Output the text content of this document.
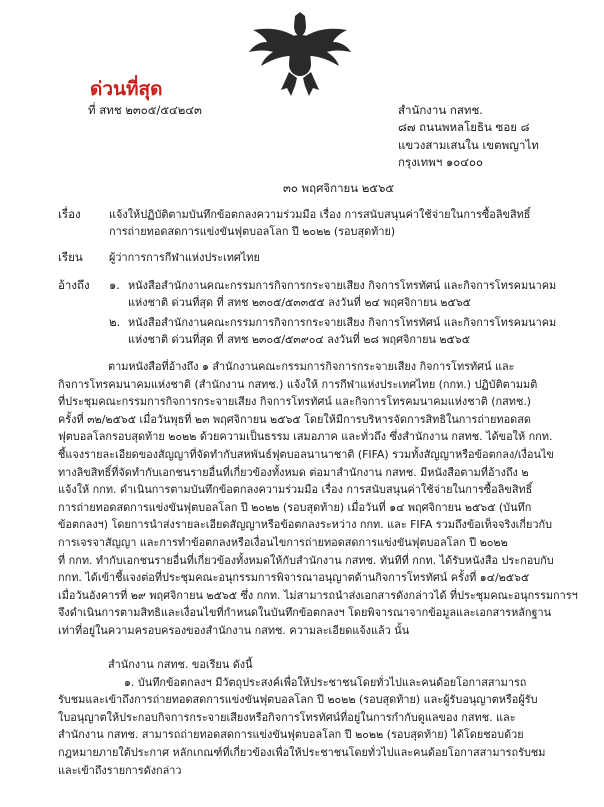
ด่วนที่สุด
ที่ สทช ๒๓๐๕/๕๔๒๔๓	สำนักงาน กสทช.
๘๗ ถนนพหลโยธิน ซอย ๘
แขวงสามเสนใน เขตพญาไท
กรุงเทพฯ ๑๐๔๐๐
๓๐ พฤศจิกายน ๒๕๖๕
เรื่อง	แจ้งให้ปฏิบัติตามบันทึกข้อตกลงความร่วมมือ เรื่อง การสนับสนุนค่าใช้จ่ายในการซื้อลิขสิทธิ์
การถ่ายทอดสดการแข่งขันฟุตบอลโลก ปี ๒๐๒๒ (รอบสุดท้าย)
เรียน ผู้ว่าการการกีฬาแห่งประเทศไทย
อ้างถึง ๑. หนังสือสำนักงานคณะกรรมการกิจการกระจายเสียง กิจการโทรทัศน์ และกิจการโทรคมนาคม
แห่งชาติ ด่วนที่สุด ที่ สทช ๒๓๐๕/๕๓๓๕๕ ลงวันที่ ๒๔ พฤศจิกายน ๒๕๖๕
๒. หนังสือสำนักงานคณะกรรมการกิจการกระจายเสียง กิจการโทรทัศน์ และกิจการโทรคมนาคม
แห่งชาติ ด่วนที่สุด ที่ สทช ๒๓๐๕/๕๓๙๐๔ ลงวันที่ ๒๘ พฤศจิกายน ๒๕๖๕
ตามหนังสือที่อ้างถึง ๑ สำนักงานคณะกรรมการกิจการกระจายเสียง กิจการโทรทัศน์ และ
กิจการโทรคมนาคมแห่งชาติ (สำนักงาน กสทช.) แจ้งให้ การกีฬาแห่งประเทศไทย (กกท.) ปฏิบัติตามมติ
ที่ประชุมคณะกรรมการกิจการกระจายเสียง กิจการโทรทัศน์ และกิจการโทรคมนาคมแห่งชาติ (กสทช.)
ครั้งที่ ๓๒/๒๕๖๕ เมื่อวันพุธที่ ๒๓ พฤศจิกายน ๒๕๖๕ โดยให้มีการบริหารจัดการสิทธิในการถ่ายทอดสด
ฟุตบอลโลกรอบสุดท้าย ๒๐๒๒ ด้วยความเป็นธรรม เสมอภาค และทั่วถึง ซึ่งสำนักงาน กสทช. ได้ขอให้ กกท.
ชี้แจงรายละเอียดของสัญญาที่จัดทำกับสหพันธ์ฟุตบอลนานาชาติ (FIFA) รวมทั้งสัญญาหรือข้อตกลง/เงื่อนไข
ทางลิขสิทธิ์ที่จัดทำกับเอกชนรายอื่นที่เกี่ยวข้องทั้งหมด ต่อมาสำนักงาน กสทช. มีหนังสือตามที่อ้างถึง ๒
แจ้งให้ กกท. ดำเนินการตามบันทึกข้อตกลงความร่วมมือ เรื่อง การสนับสนุนค่าใช้จ่ายในการซื้อลิขสิทธิ์
การถ่ายทอดสดการแข่งขันฟุตบอลโลก ปี ๒๐๒๒ (รอบสุดท้าย) เมื่อวันที่ ๑๔ พฤศจิกายน ๒๕๖๕ (บันทึก
ข้อตกลงฯ) โดยการนำส่งรายละเอียดสัญญาหรือข้อตกลงระหว่าง กกท. และ FIFA รวมถึงข้อเท็จจริงเกี่ยวกับ
การเจรจาสัญญา และการทำข้อตกลงหรือเงื่อนไขการถ่ายทอดสดการแข่งขันฟุตบอลโลก ปี ๒๐๒๒
ที่ กกท. ทำกับเอกชนรายอื่นที่เกี่ยวข้องทั้งหมดให้กับสำนักงาน กสทช. ทันทีที่ กกท. ได้รับหนังสือ ประกอบกับ
กกท. ได้เข้าชี้แจงต่อที่ประชุมคณะอนุกรรมการพิจารณาอนุญาตด้านกิจการโทรทัศน์ ครั้งที่ ๑๔/๒๕๖๕
เมื่อวันอังคารที่ ๒๙ พฤศจิกายน ๒๕๖๕ ซึ่ง กกท. ไม่สามารถนำส่งเอกสารดังกล่าวได้ ที่ประชุมคณะอนุกรรมการฯ
จึงดำเนินการตามสิทธิและเงื่อนไขที่กำหนดในบันทึกข้อตกลงฯ โดยพิจารณาจากข้อมูลและเอกสารหลักฐาน
เท่าที่อยู่ในความครอบครองของสำนักงาน กสทช. ความละเอียดแจ้งแล้ว นั้น
สำนักงาน กสทช. ขอเรียน ดังนี้
๑. บันทึกข้อตกลงฯ มีวัตถุประสงค์เพื่อให้ประชาชนโดยทั่วไปและคนด้อยโอกาสสามารถ
รับชมและเข้าถึงการถ่ายทอดสดการแข่งขันฟุตบอลโลก ปี ๒๐๒๒ (รอบสุดท้าย) และผู้รับอนุญาตหรือผู้รับ
ใบอนุญาตให้ประกอบกิจการกระจายเสียงหรือกิจการโทรทัศน์ที่อยู่ในการกำกับดูแลของ กสทช. และ
สำนักงาน กสทช. สามารถถ่ายทอดสดการแข่งขันฟุตบอลโลก ปี ๒๐๒๒ (รอบสุดท้าย) ได้โดยชอบด้วย
กฎหมายภายใต้ประกาศ หลักเกณฑ์ที่เกี่ยวข้องเพื่อให้ประชาชนโดยทั่วไปและคนด้อยโอกาสสามารถรับชม
และเข้าถึงรายการดังกล่าว
